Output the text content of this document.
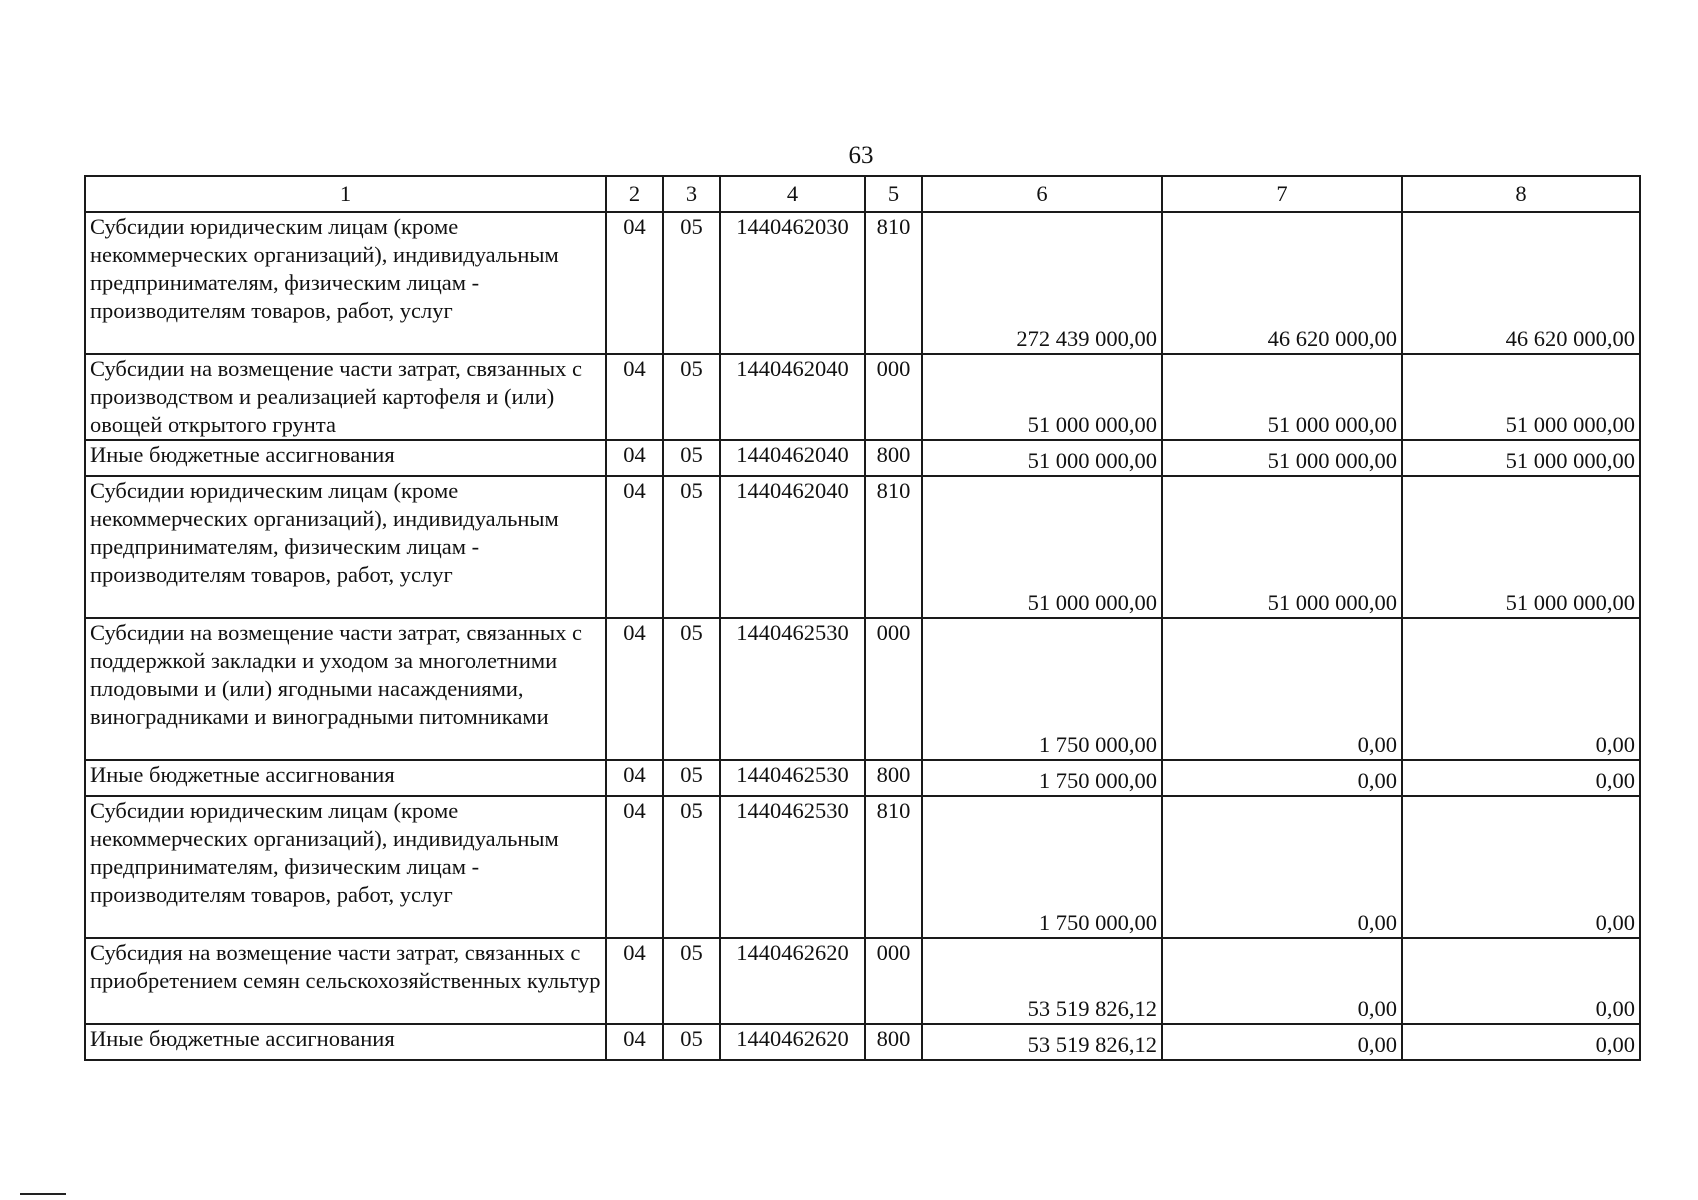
63
1	2	3	4	5	6	7	8
Субсидии юридическим лицам (кроме некоммерческих организаций), индивидуальным предпринимателям, физическим лицам - производителям товаров, работ, услуг	04	05	1440462030	810	272 439 000,00	46 620 000,00	46 620 000,00
Субсидии на возмещение части затрат, связанных с производством и реализацией картофеля и (или) овощей открытого грунта	04	05	1440462040	000	51 000 000,00	51 000 000,00	51 000 000,00
Иные бюджетные ассигнования	04	05	1440462040	800	51 000 000,00	51 000 000,00	51 000 000,00
Субсидии юридическим лицам (кроме некоммерческих организаций), индивидуальным предпринимателям, физическим лицам - производителям товаров, работ, услуг	04	05	1440462040	810	51 000 000,00	51 000 000,00	51 000 000,00
Субсидии на возмещение части затрат, связанных с поддержкой закладки и уходом за многолетними плодовыми и (или) ягодными насаждениями, виноградниками и виноградными питомниками	04	05	1440462530	000	1 750 000,00	0,00	0,00
Иные бюджетные ассигнования	04	05	1440462530	800	1 750 000,00	0,00	0,00
Субсидии юридическим лицам (кроме некоммерческих организаций), индивидуальным предпринимателям, физическим лицам - производителям товаров, работ, услуг	04	05	1440462530	810	1 750 000,00	0,00	0,00
Субсидия на возмещение части затрат, связанных с приобретением семян сельскохозяйственных культур	04	05	1440462620	000	53 519 826,12	0,00	0,00
Иные бюджетные ассигнования	04	05	1440462620	800	53 519 826,12	0,00	0,00
